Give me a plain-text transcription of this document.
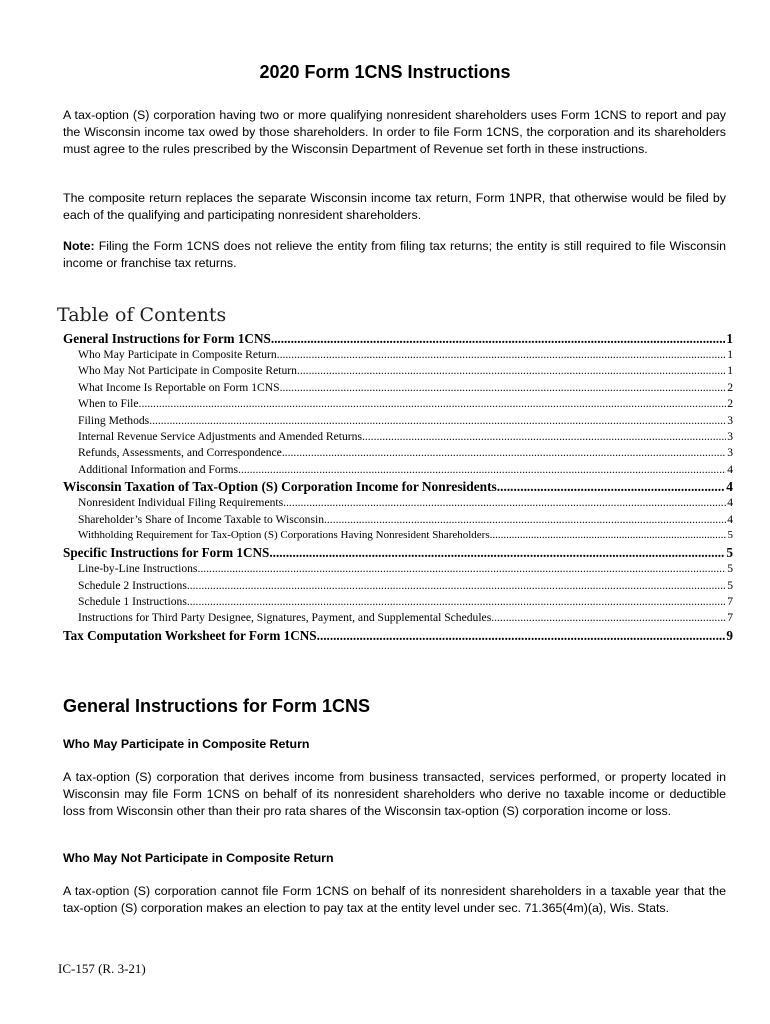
2020 Form 1CNS Instructions
A tax-option (S) corporation having two or more qualifying nonresident shareholders uses Form 1CNS to report and pay the Wisconsin income tax owed by those shareholders. In order to file Form 1CNS, the corporation and its shareholders must agree to the rules prescribed by the Wisconsin Department of Revenue set forth in these instructions.
The composite return replaces the separate Wisconsin income tax return, Form 1NPR, that otherwise would be filed by each of the qualifying and participating nonresident shareholders.
Note: Filing the Form 1CNS does not relieve the entity from filing tax returns; the entity is still required to file Wisconsin income or franchise tax returns.
Table of Contents
General Instructions for Form 1CNS .....	1
Who May Participate in Composite Return .....	1
Who May Not Participate in Composite Return .....	1
What Income Is Reportable on Form 1CNS .....	2
When to File .....	2
Filing Methods .....	3
Internal Revenue Service Adjustments and Amended Returns .....	3
Refunds, Assessments, and Correspondence .....	3
Additional Information and Forms .....	4
Wisconsin Taxation of Tax-Option (S) Corporation Income for Nonresidents .....	4
Nonresident Individual Filing Requirements .....	4
Shareholder’s Share of Income Taxable to Wisconsin .....	4
Withholding Requirement for Tax-Option (S) Corporations Having Nonresident Shareholders .....	5
Specific Instructions for Form 1CNS .....	5
Line-by-Line Instructions .....	5
Schedule 2 Instructions .....	5
Schedule 1 Instructions .....	7
Instructions for Third Party Designee, Signatures, Payment, and Supplemental Schedules .....	7
Tax Computation Worksheet for Form 1CNS .....	9
General Instructions for Form 1CNS
Who May Participate in Composite Return
A tax-option (S) corporation that derives income from business transacted, services performed, or property located in Wisconsin may file Form 1CNS on behalf of its nonresident shareholders who derive no taxable income or deductible loss from Wisconsin other than their pro rata shares of the Wisconsin tax-option (S) corporation income or loss.
Who May Not Participate in Composite Return
A tax-option (S) corporation cannot file Form 1CNS on behalf of its nonresident shareholders in a taxable year that the tax-option (S) corporation makes an election to pay tax at the entity level under sec. 71.365(4m)(a), Wis. Stats.
IC-157 (R. 3-21)
